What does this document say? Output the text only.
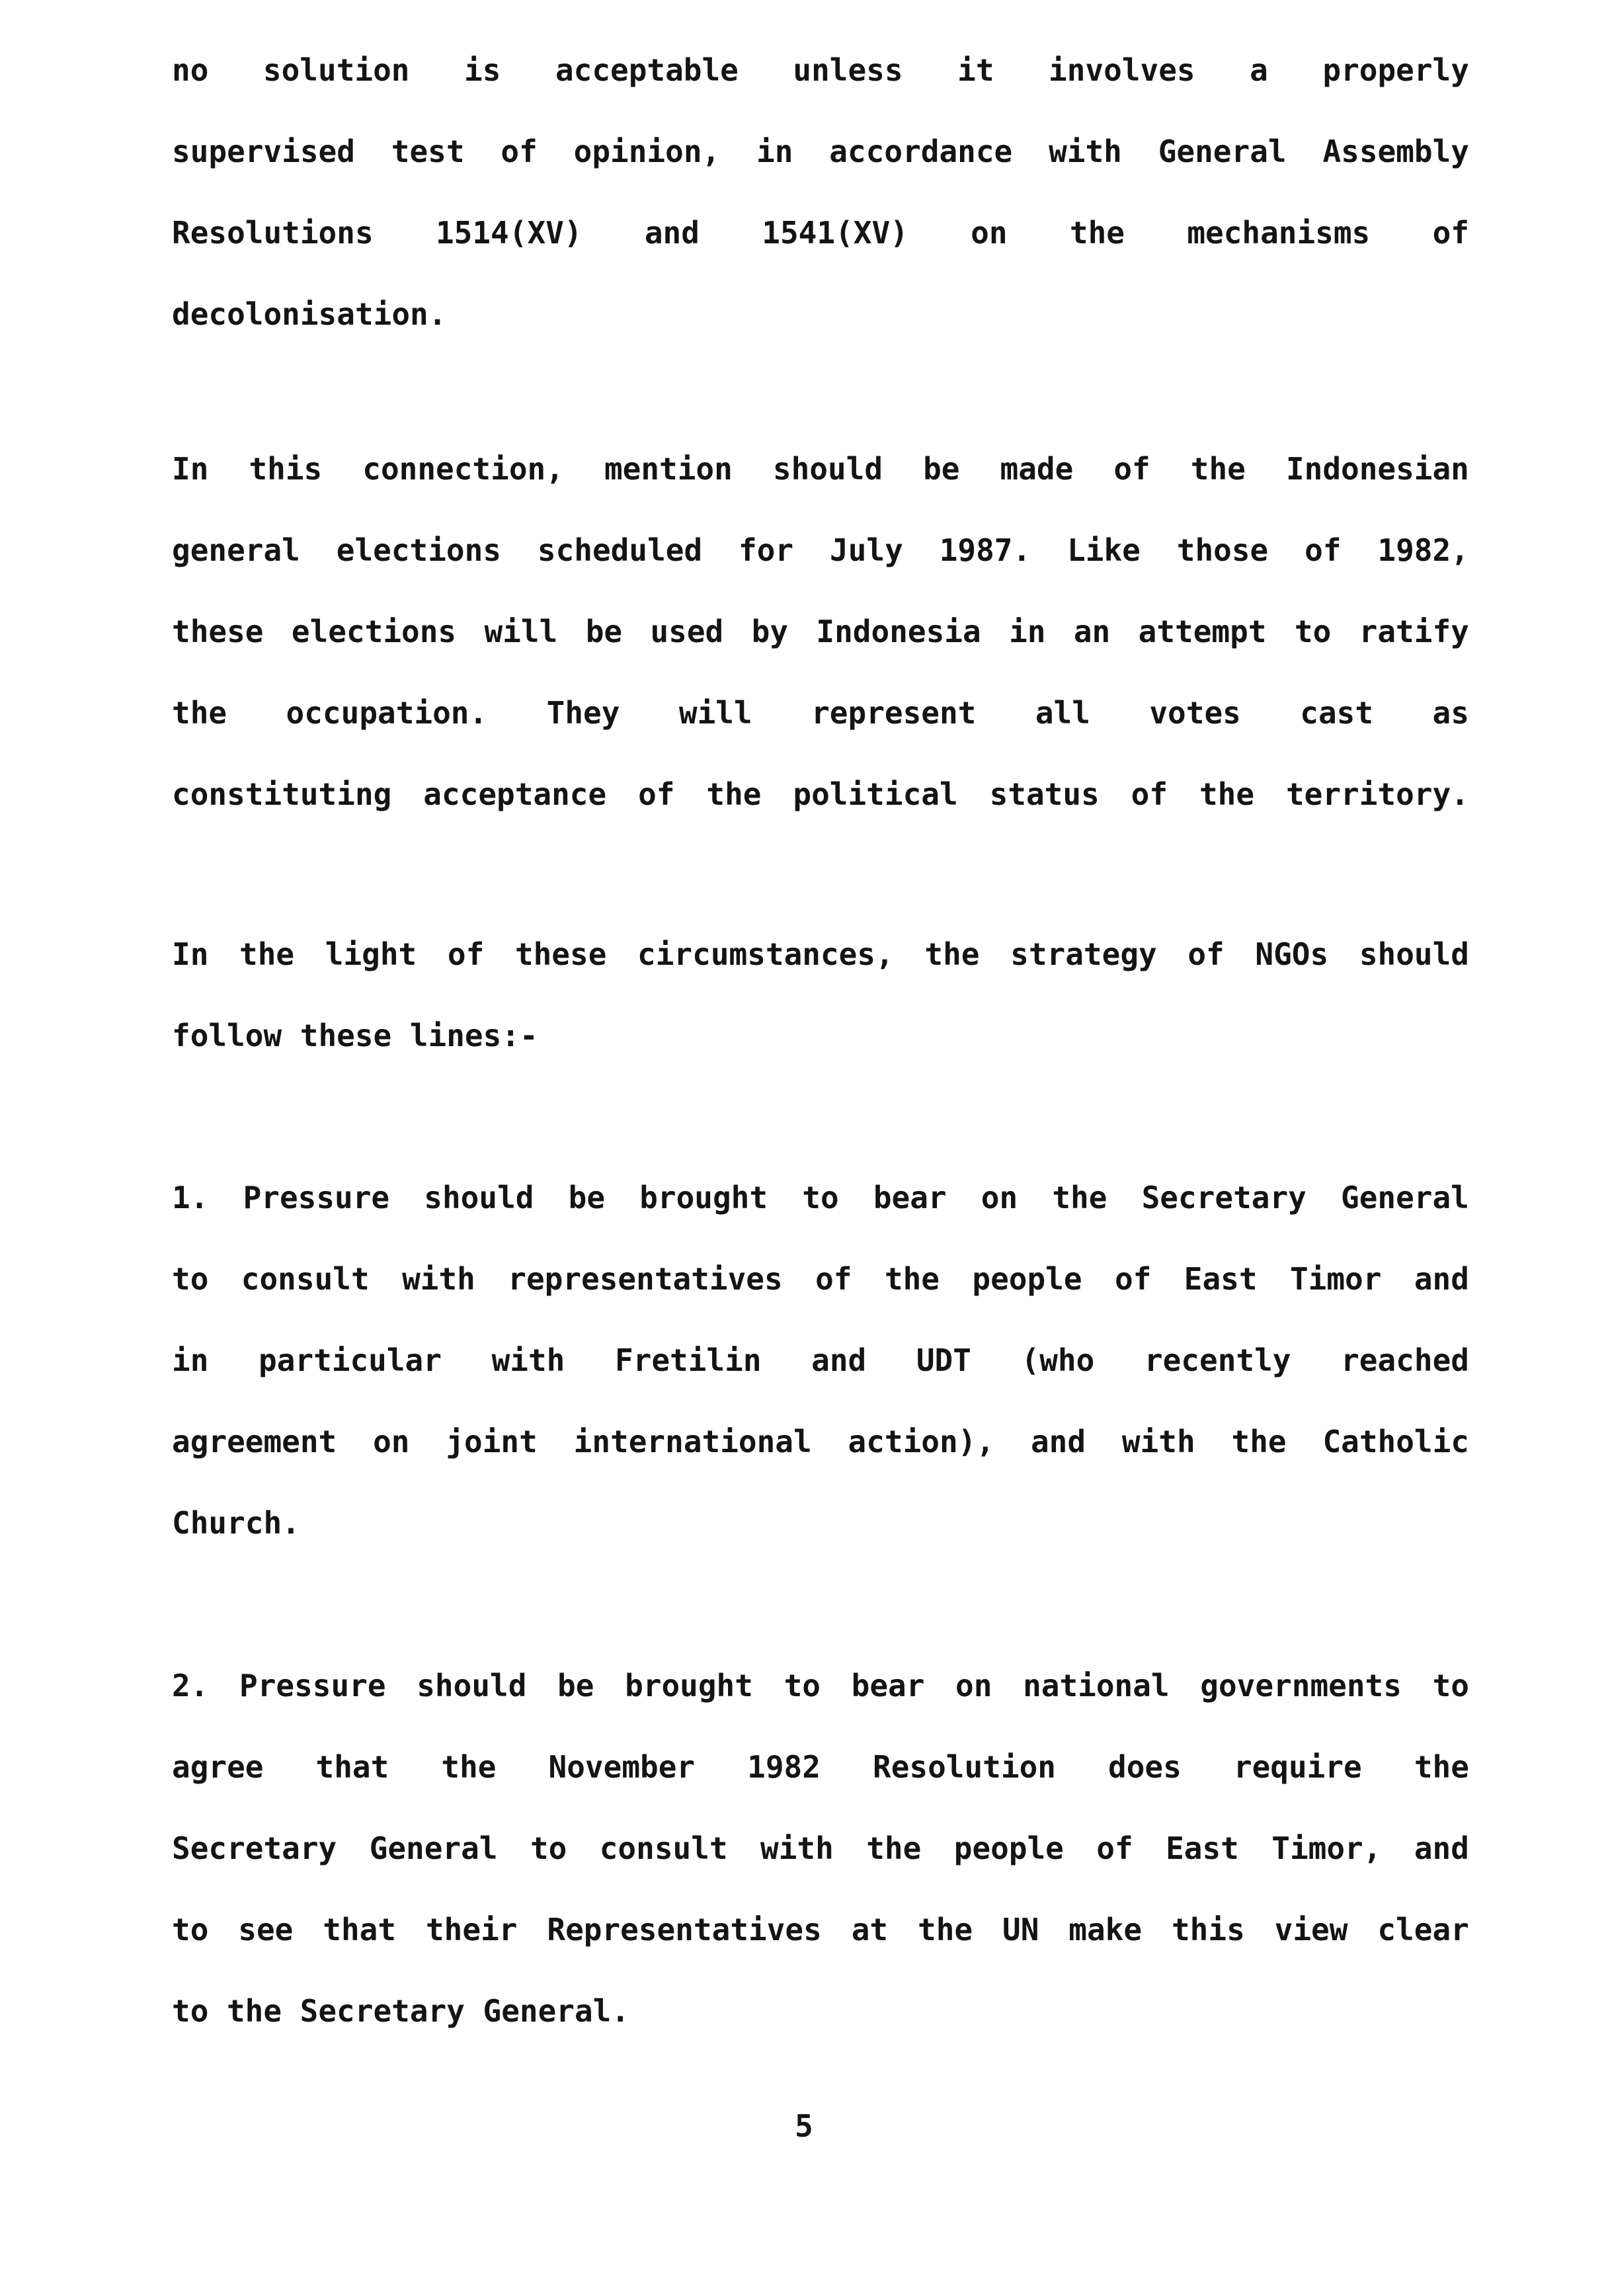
no solution is acceptable unless it involves a properly
supervised test of opinion, in accordance with General Assembly
Resolutions 1514(XV) and 1541(XV) on the mechanisms of
decolonisation.
In this connection, mention should be made of the Indonesian
general elections scheduled for July 1987. Like those of 1982,
these elections will be used by Indonesia in an attempt to ratify
the occupation. They will represent all votes cast as
constituting acceptance of the political status of the territory.
In the light of these circumstances, the strategy of NGOs should
follow these lines:-
1. Pressure should be brought to bear on the Secretary General
to consult with representatives of the people of East Timor and
in particular with Fretilin and UDT (who recently reached
agreement on joint international action), and with the Catholic
Church.
2. Pressure should be brought to bear on national governments to
agree that the November 1982 Resolution does require the
Secretary General to consult with the people of East Timor, and
to see that their Representatives at the UN make this view clear
to the Secretary General.
5
